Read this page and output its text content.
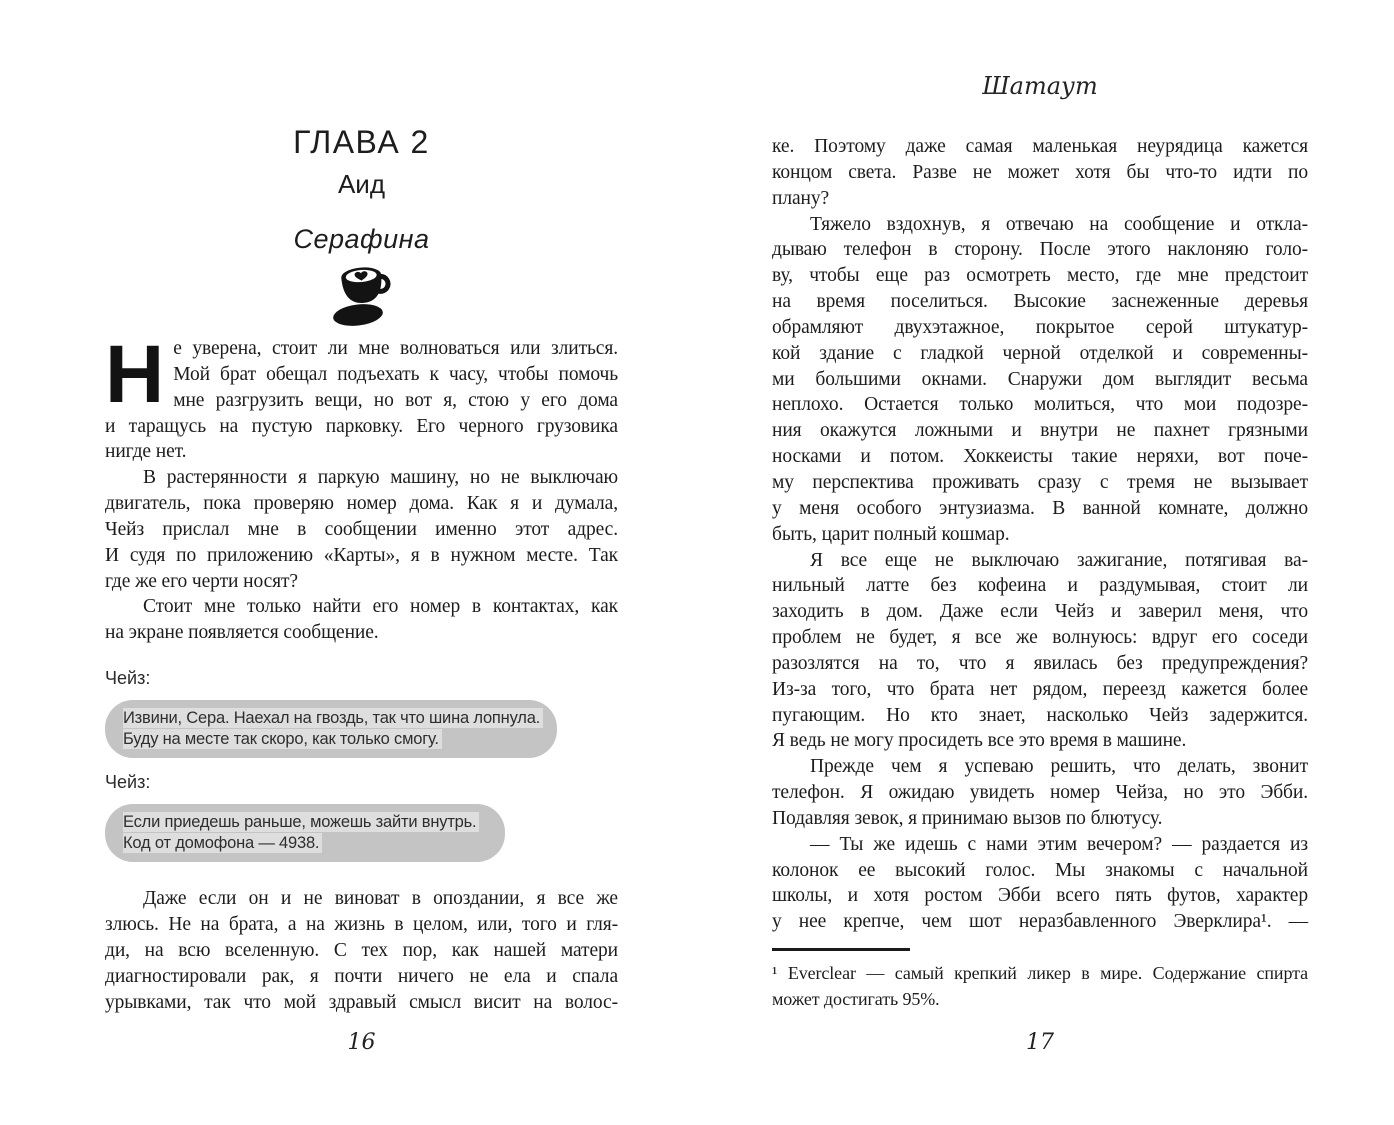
ГЛАВА 2
Аид
Серафина
Н е уверена, стоит ли мне волноваться или злиться.
Мой брат обещал подъехать к часу, чтобы помочь
мне разгрузить вещи, но вот я, стою у его дома
и таращусь на пустую парковку. Его черного грузовика
нигде нет.
В растерянности я паркую машину, но не выключаю
двигатель, пока проверяю номер дома. Как я и думала,
Чейз прислал мне в сообщении именно этот адрес.
И судя по приложению «Карты», я в нужном месте. Так
где же его черти носят?
Стоит мне только найти его номер в контактах, как
на экране появляется сообщение.
Чейз:
Извини, Сера. Наехал на гвоздь, так что шина лопнула.
Буду на месте так скоро, как только смогу.
Чейз:
Если приедешь раньше, можешь зайти внутрь.
Код от домофона — 4938.
Даже если он и не виноват в опоздании, я все же
злюсь. Не на брата, а на жизнь в целом, или, того и гля-
ди, на всю вселенную. С тех пор, как нашей матери
диагностировали рак, я почти ничего не ела и спала
урывками, так что мой здравый смысл висит на волос-
16
Шатаут
ке. Поэтому даже самая маленькая неурядица кажется
концом света. Разве не может хотя бы что-то идти по
плану?
Тяжело вздохнув, я отвечаю на сообщение и откла-
дываю телефон в сторону. После этого наклоняю голо-
ву, чтобы еще раз осмотреть место, где мне предстоит
на время поселиться. Высокие заснеженные деревья
обрамляют двухэтажное, покрытое серой штукатур-
кой здание с гладкой черной отделкой и современны-
ми большими окнами. Снаружи дом выглядит весьма
неплохо. Остается только молиться, что мои подозре-
ния окажутся ложными и внутри не пахнет грязными
носками и потом. Хоккеисты такие неряхи, вот поче-
му перспектива проживать сразу с тремя не вызывает
у меня особого энтузиазма. В ванной комнате, должно
быть, царит полный кошмар.
Я все еще не выключаю зажигание, потягивая ва-
нильный латте без кофеина и раздумывая, стоит ли
заходить в дом. Даже если Чейз и заверил меня, что
проблем не будет, я все же волнуюсь: вдруг его соседи
разозлятся на то, что я явилась без предупреждения?
Из-за того, что брата нет рядом, переезд кажется более
пугающим. Но кто знает, насколько Чейз задержится.
Я ведь не могу просидеть все это время в машине.
Прежде чем я успеваю решить, что делать, звонит
телефон. Я ожидаю увидеть номер Чейза, но это Эбби.
Подавляя зевок, я принимаю вызов по блютусу.
— Ты же идешь с нами этим вечером? — раздается из
колонок ее высокий голос. Мы знакомы с начальной
школы, и хотя ростом Эбби всего пять футов, характер
у нее крепче, чем шот неразбавленного Эверклира¹. —
¹ Everclear — самый крепкий ликер в мире. Содержание спирта
может достигать 95%.
17
